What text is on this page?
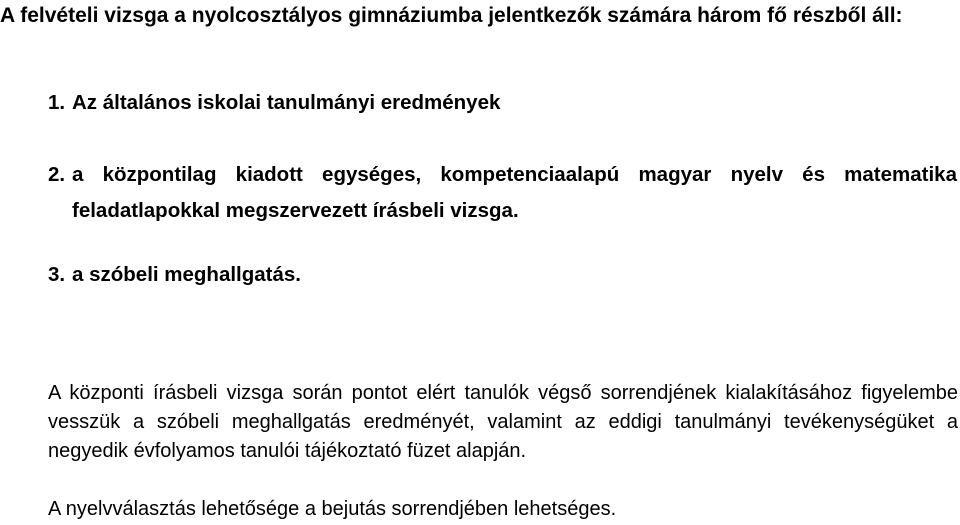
A felvételi vizsga a nyolcosztályos gimnáziumba jelentkezők számára három fő részből áll:
1. Az általános iskolai tanulmányi eredmények
2. a központilag kiadott egységes, kompetenciaalapú magyar nyelv és matematika feladatlapokkal megszervezett írásbeli vizsga.
3. a szóbeli meghallgatás.

A központi írásbeli vizsga során pontot elért tanulók végső sorrendjének kialakításához figyelembe vesszük a szóbeli meghallgatás eredményét, valamint az eddigi tanulmányi tevékenységüket a negyedik évfolyamos tanulói tájékoztató füzet alapján.

A nyelvválasztás lehetősége a bejutás sorrendjében lehetséges.
